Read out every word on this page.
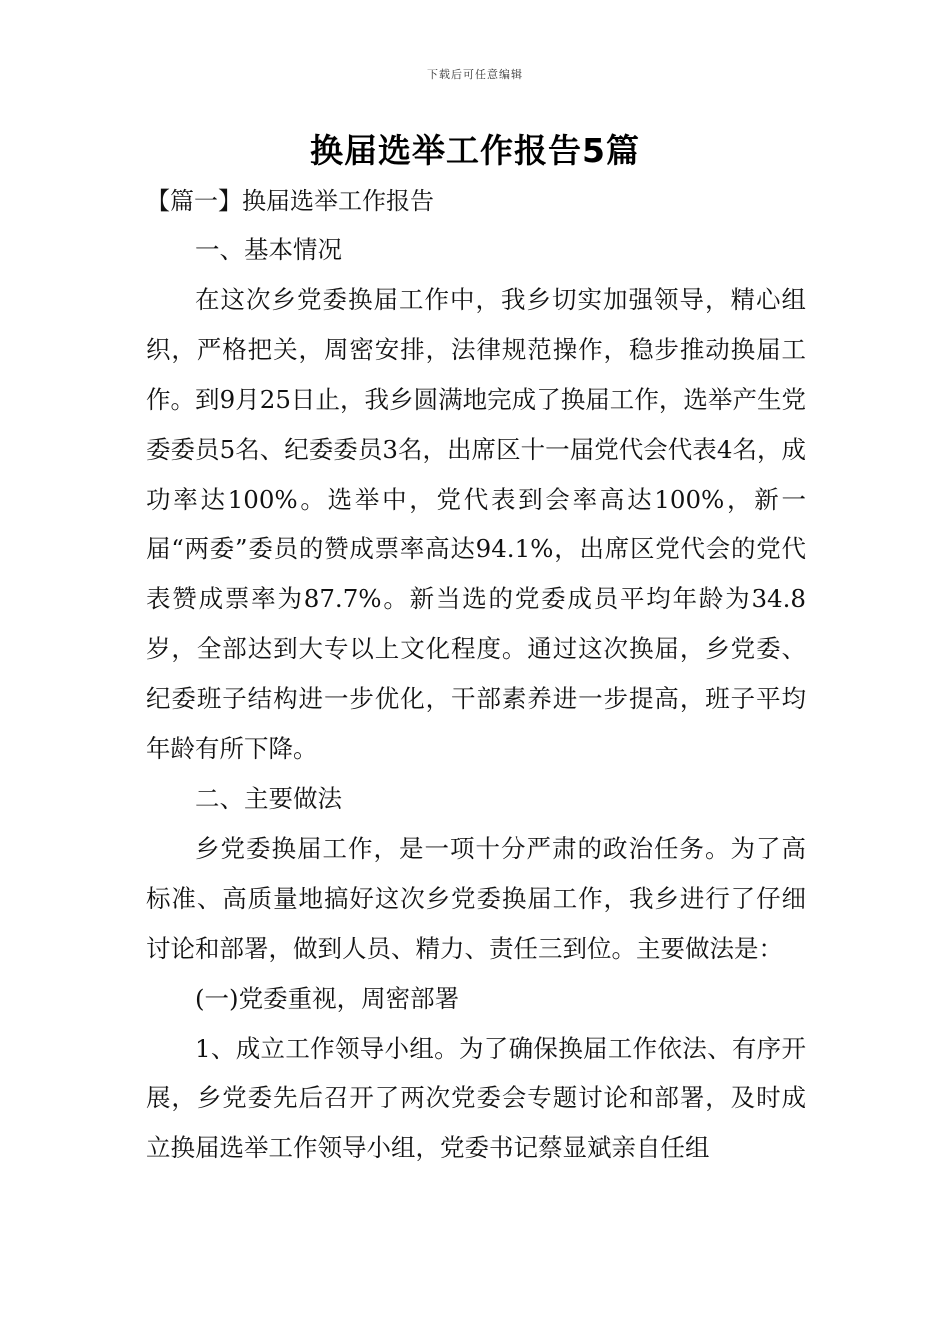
下载后可任意编辑
换届选举工作报告5篇
【篇一】换届选举工作报告

一、基本情况

在这次乡党委换届工作中，我乡切实加强领导，精心组织，严格把关，周密安排，法律规范操作，稳步推动换届工作。到9月25日止，我乡圆满地完成了换届工作，选举产生党委委员5名、纪委委员3名，出席区十一届党代会代表4名，成功率达100%。选举中，党代表到会率高达100%，新一届“两委”委员的赞成票率高达94.1%，出席区党代会的党代表赞成票率为87.7%。新当选的党委成员平均年龄为34.8岁，全部达到大专以上文化程度。通过这次换届，乡党委、纪委班子结构进一步优化，干部素养进一步提高，班子平均年龄有所下降。

二、主要做法

乡党委换届工作，是一项十分严肃的政治任务。为了高标准、高质量地搞好这次乡党委换届工作，我乡进行了仔细讨论和部署，做到人员、精力、责任三到位。主要做法是：

(一)党委重视，周密部署

1、成立工作领导小组。为了确保换届工作依法、有序开展，乡党委先后召开了两次党委会专题讨论和部署，及时成立换届选举工作领导小组，党委书记蔡显斌亲自任组
